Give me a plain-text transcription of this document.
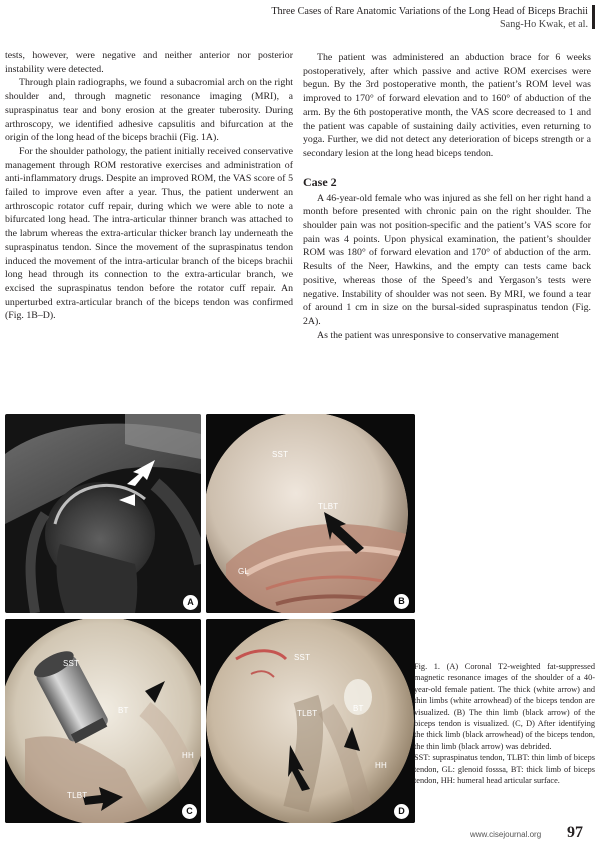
Three Cases of Rare Anatomic Variations of the Long Head of Biceps Brachii
Sang-Ho Kwak, et al.

tests, however, were negative and neither anterior nor posterior instability were detected.

Through plain radiographs, we found a subacromial arch on the right shoulder and, through magnetic resonance imaging (MRI), a supraspinatus tear and bony erosion at the greater tuberosity. During arthroscopy, we identified adhesive capsulitis and bifurcation at the origin of the long head of the biceps brachii (Fig. 1A).

For the shoulder pathology, the patient initially received conservative management through ROM restorative exercises and administration of anti-inflammatory drugs. Despite an improved ROM, the VAS score of 5 failed to improve even after a year. Thus, the patient underwent an arthroscopic rotator cuff repair, during which we were able to note a bifurcated long head. The intra-articular thinner branch was attached to the labrum whereas the extra-articular thicker branch lay underneath the supraspinatus tendon. Since the movement of the supraspinatus tendon induced the movement of the intra-articular branch of the biceps brachii long head through its connection to the extra-articular branch, we excised the supraspinatus tendon before the rotator cuff repair. An unperturbed extra-articular branch of the biceps tendon was confirmed (Fig. 1B–D).

The patient was administered an abduction brace for 6 weeks postoperatively, after which passive and active ROM exercises were begun. By the 3rd postoperative month, the patient’s ROM level was improved to 170° of forward elevation and to 160° of abduction of the arm. By the 6th postoperative month, the VAS score decreased to 1 and the patient was capable of sustaining daily activities, even returning to yoga. Further, we did not detect any deterioration of biceps strength or a secondary lesion at the long head biceps tendon.

Case 2

A 46-year-old female who was injured as she fell on her right hand a month before presented with chronic pain on the right shoulder. The shoulder pain was not position-specific and the patient’s VAS score for pain was 4 points. Upon physical examination, the patient’s shoulder ROM was 180° of forward elevation and 170° of abduction of the arm. Results of the Neer, Hawkins, and the empty can tests came back positive, whereas those of the Speed’s and Yergason’s tests were negative. Instability of shoulder was not seen. By MRI, we found a tear of around 1 cm in size on the bursal-sided supraspinatus tendon (Fig. 2A).

As the patient was unresponsive to conservative management

A
SST
TLBT
GL
B
SST
BT
HH
TLBT
C
SST
TLBT
BT
HH
D
Fig. 1. (A) Coronal T2-weighted fat-suppressed magnetic resonance images of the shoulder of a 40-year-old female patient. The thick (white arrow) and thin limbs (white arrowhead) of the biceps tendon are visualized. (B) The thin limb (black arrow) of the biceps tendon is visualized. (C, D) After identifying the thick limb (black arrowhead) of the biceps tendon, the thin limb (black arrow) was debrided.
SST: supraspinatus tendon, TLBT: thin limb of biceps tendon, GL: glenoid fosssa, BT: thick limb of biceps tendon, HH: humeral head articular surface.
www.cisejournal.org 97
